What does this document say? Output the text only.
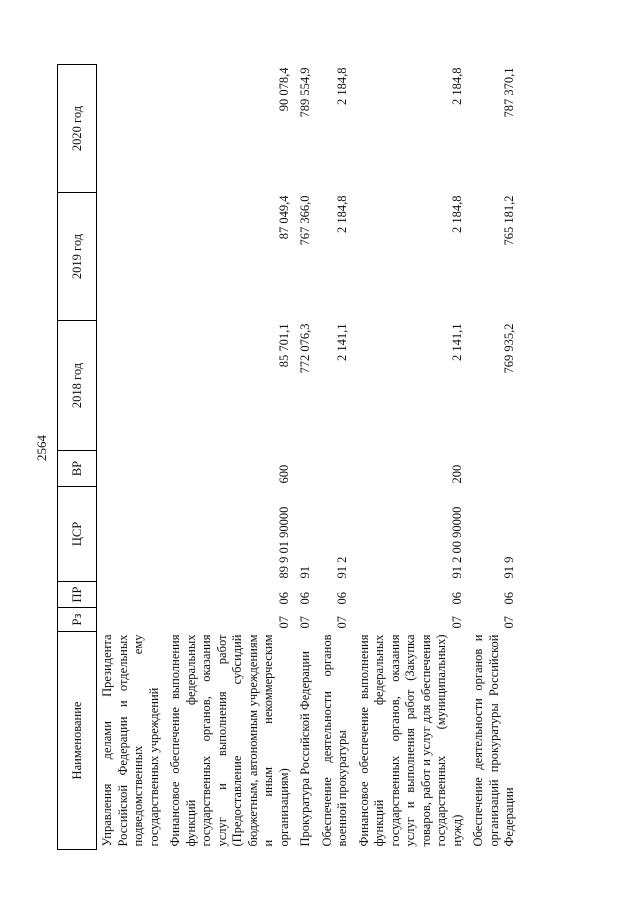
2564
Наименование	Рз	ПР	ЦСР	ВР	2018 год	2019 год	2020 год
Управления делами Президента Российской Федерации и отдельных подведомственных ему государственных учреждений							
Финансовое обеспечение выполнения функций федеральных государственных органов, оказания услуг и выполнения работ (Предоставление субсидий бюджетным, автономным учреждениям и иным некоммерческим организациям)	07	06	89 9 01 90000	600	85 701,1	87 049,4	90 078,4
Прокуратура Российской Федерации	07	06	91		772 076,3	767 366,0	789 554,9
Обеспечение деятельности органов военной прокуратуры	07	06	91 2		2 141,1	2 184,8	2 184,8
Финансовое обеспечение выполнения функций федеральных государственных органов, оказания услуг и выполнения работ (Закупка товаров, работ и услуг для обеспечения государственных (муниципальных) нужд)	07	06	91 2 00 90000	200	2 141,1	2 184,8	2 184,8
Обеспечение деятельности органов и организаций прокуратуры Российской Федерации	07	06	91 9		769 935,2	765 181,2	787 370,1
